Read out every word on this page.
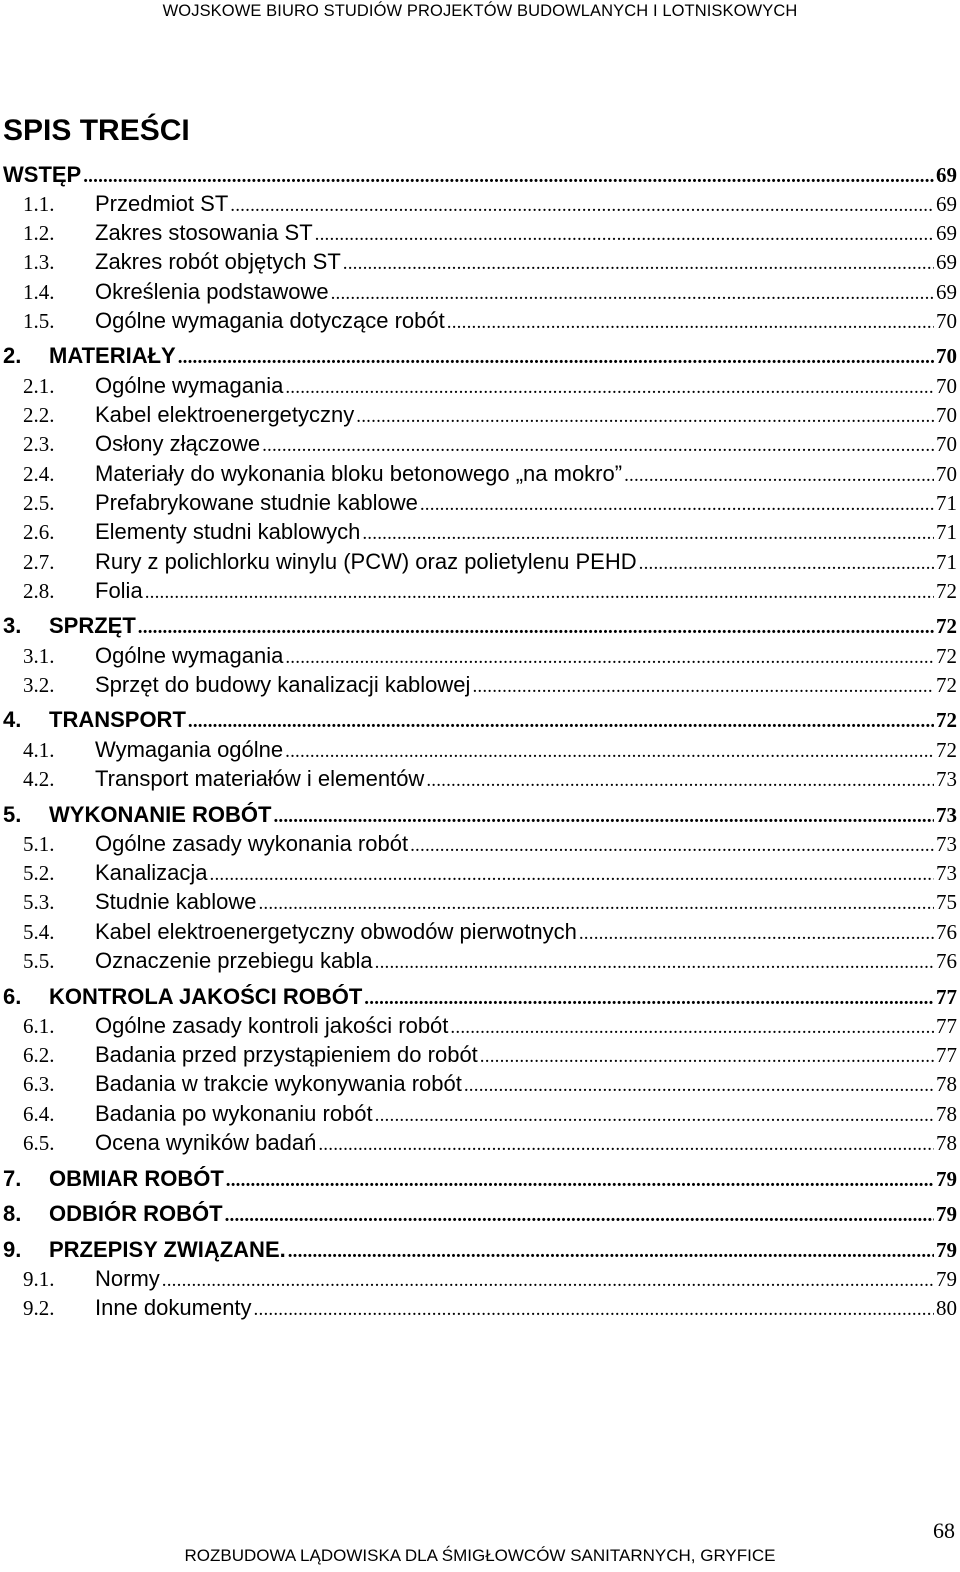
WOJSKOWE BIURO STUDIÓW PROJEKTÓW BUDOWLANYCH I LOTNISKOWYCH
SPIS TREŚCI
WSTĘP .....	69
1.1.	Przedmiot ST .....	69
1.2.	Zakres stosowania ST .....	69
1.3.	Zakres robót objętych ST .....	69
1.4.	Określenia podstawowe .....	69
1.5.	Ogólne wymagania dotyczące robót .....	70
2.	MATERIAŁY .....	70
2.1.	Ogólne wymagania .....	70
2.2.	Kabel elektroenergetyczny .....	70
2.3.	Osłony złączowe .....	70
2.4.	Materiały do wykonania bloku betonowego „na mokro” .....	70
2.5.	Prefabrykowane studnie kablowe .....	71
2.6.	Elementy studni kablowych .....	71
2.7.	Rury z polichlorku winylu (PCW) oraz polietylenu PEHD .....	71
2.8.	Folia .....	72
3.	SPRZĘT .....	72
3.1.	Ogólne wymagania .....	72
3.2.	Sprzęt do budowy kanalizacji kablowej .....	72
4.	TRANSPORT .....	72
4.1.	Wymagania ogólne .....	72
4.2.	Transport materiałów i elementów .....	73
5.	WYKONANIE ROBÓT .....	73
5.1.	Ogólne zasady wykonania robót .....	73
5.2.	Kanalizacja .....	73
5.3.	Studnie kablowe .....	75
5.4.	Kabel elektroenergetyczny obwodów pierwotnych .....	76
5.5.	Oznaczenie przebiegu kabla .....	76
6.	KONTROLA JAKOŚCI ROBÓT .....	77
6.1.	Ogólne zasady kontroli jakości robót .....	77
6.2.	Badania przed przystąpieniem do robót .....	77
6.3.	Badania w trakcie wykonywania robót .....	78
6.4.	Badania po wykonaniu robót .....	78
6.5.	Ocena wyników badań .....	78
7.	OBMIAR ROBÓT .....	79
8.	ODBIÓR ROBÓT .....	79
9.	PRZEPISY ZWIĄZANE. .....	79
9.1.	Normy .....	79
9.2.	Inne dokumenty .....	80
68
ROZBUDOWA LĄDOWISKA DLA ŚMIGŁOWCÓW SANITARNYCH, GRYFICE
